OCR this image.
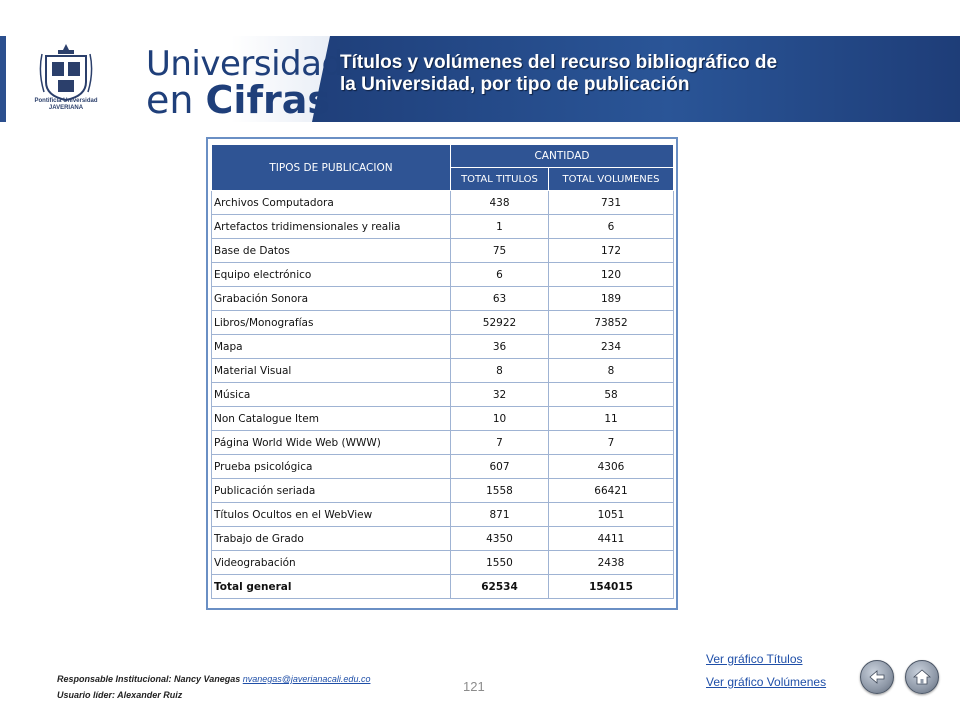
Pontificia Universidad
JAVERIANA
Universidad
en Cifras
Títulos y volúmenes del recurso bibliográfico de
la Universidad, por tipo de publicación
TIPOS DE PUBLICACION	CANTIDAD	
	TOTAL TITULOS	TOTAL VOLUMENES
Archivos Computadora	438	731
Artefactos tridimensionales y realia	1	6
Base de Datos	75	172
Equipo electrónico	6	120
Grabación Sonora	63	189
Libros/Monografías	52922	73852
Mapa	36	234
Material Visual	8	8
Música	32	58
Non Catalogue Item	10	11
Página World Wide Web (WWW)	7	7
Prueba psicológica	607	4306
Publicación seriada	1558	66421
Títulos Ocultos en el WebView	871	1051
Trabajo de Grado	4350	4411
Videograbación	1550	2438
Total general	62534	154015
Ver gráfico Títulos
Ver gráfico Volúmenes
121
Responsable Institucional: Nancy Vanegas nvanegas@javerianacali.edu.co
Usuario líder: Alexander Ruiz
